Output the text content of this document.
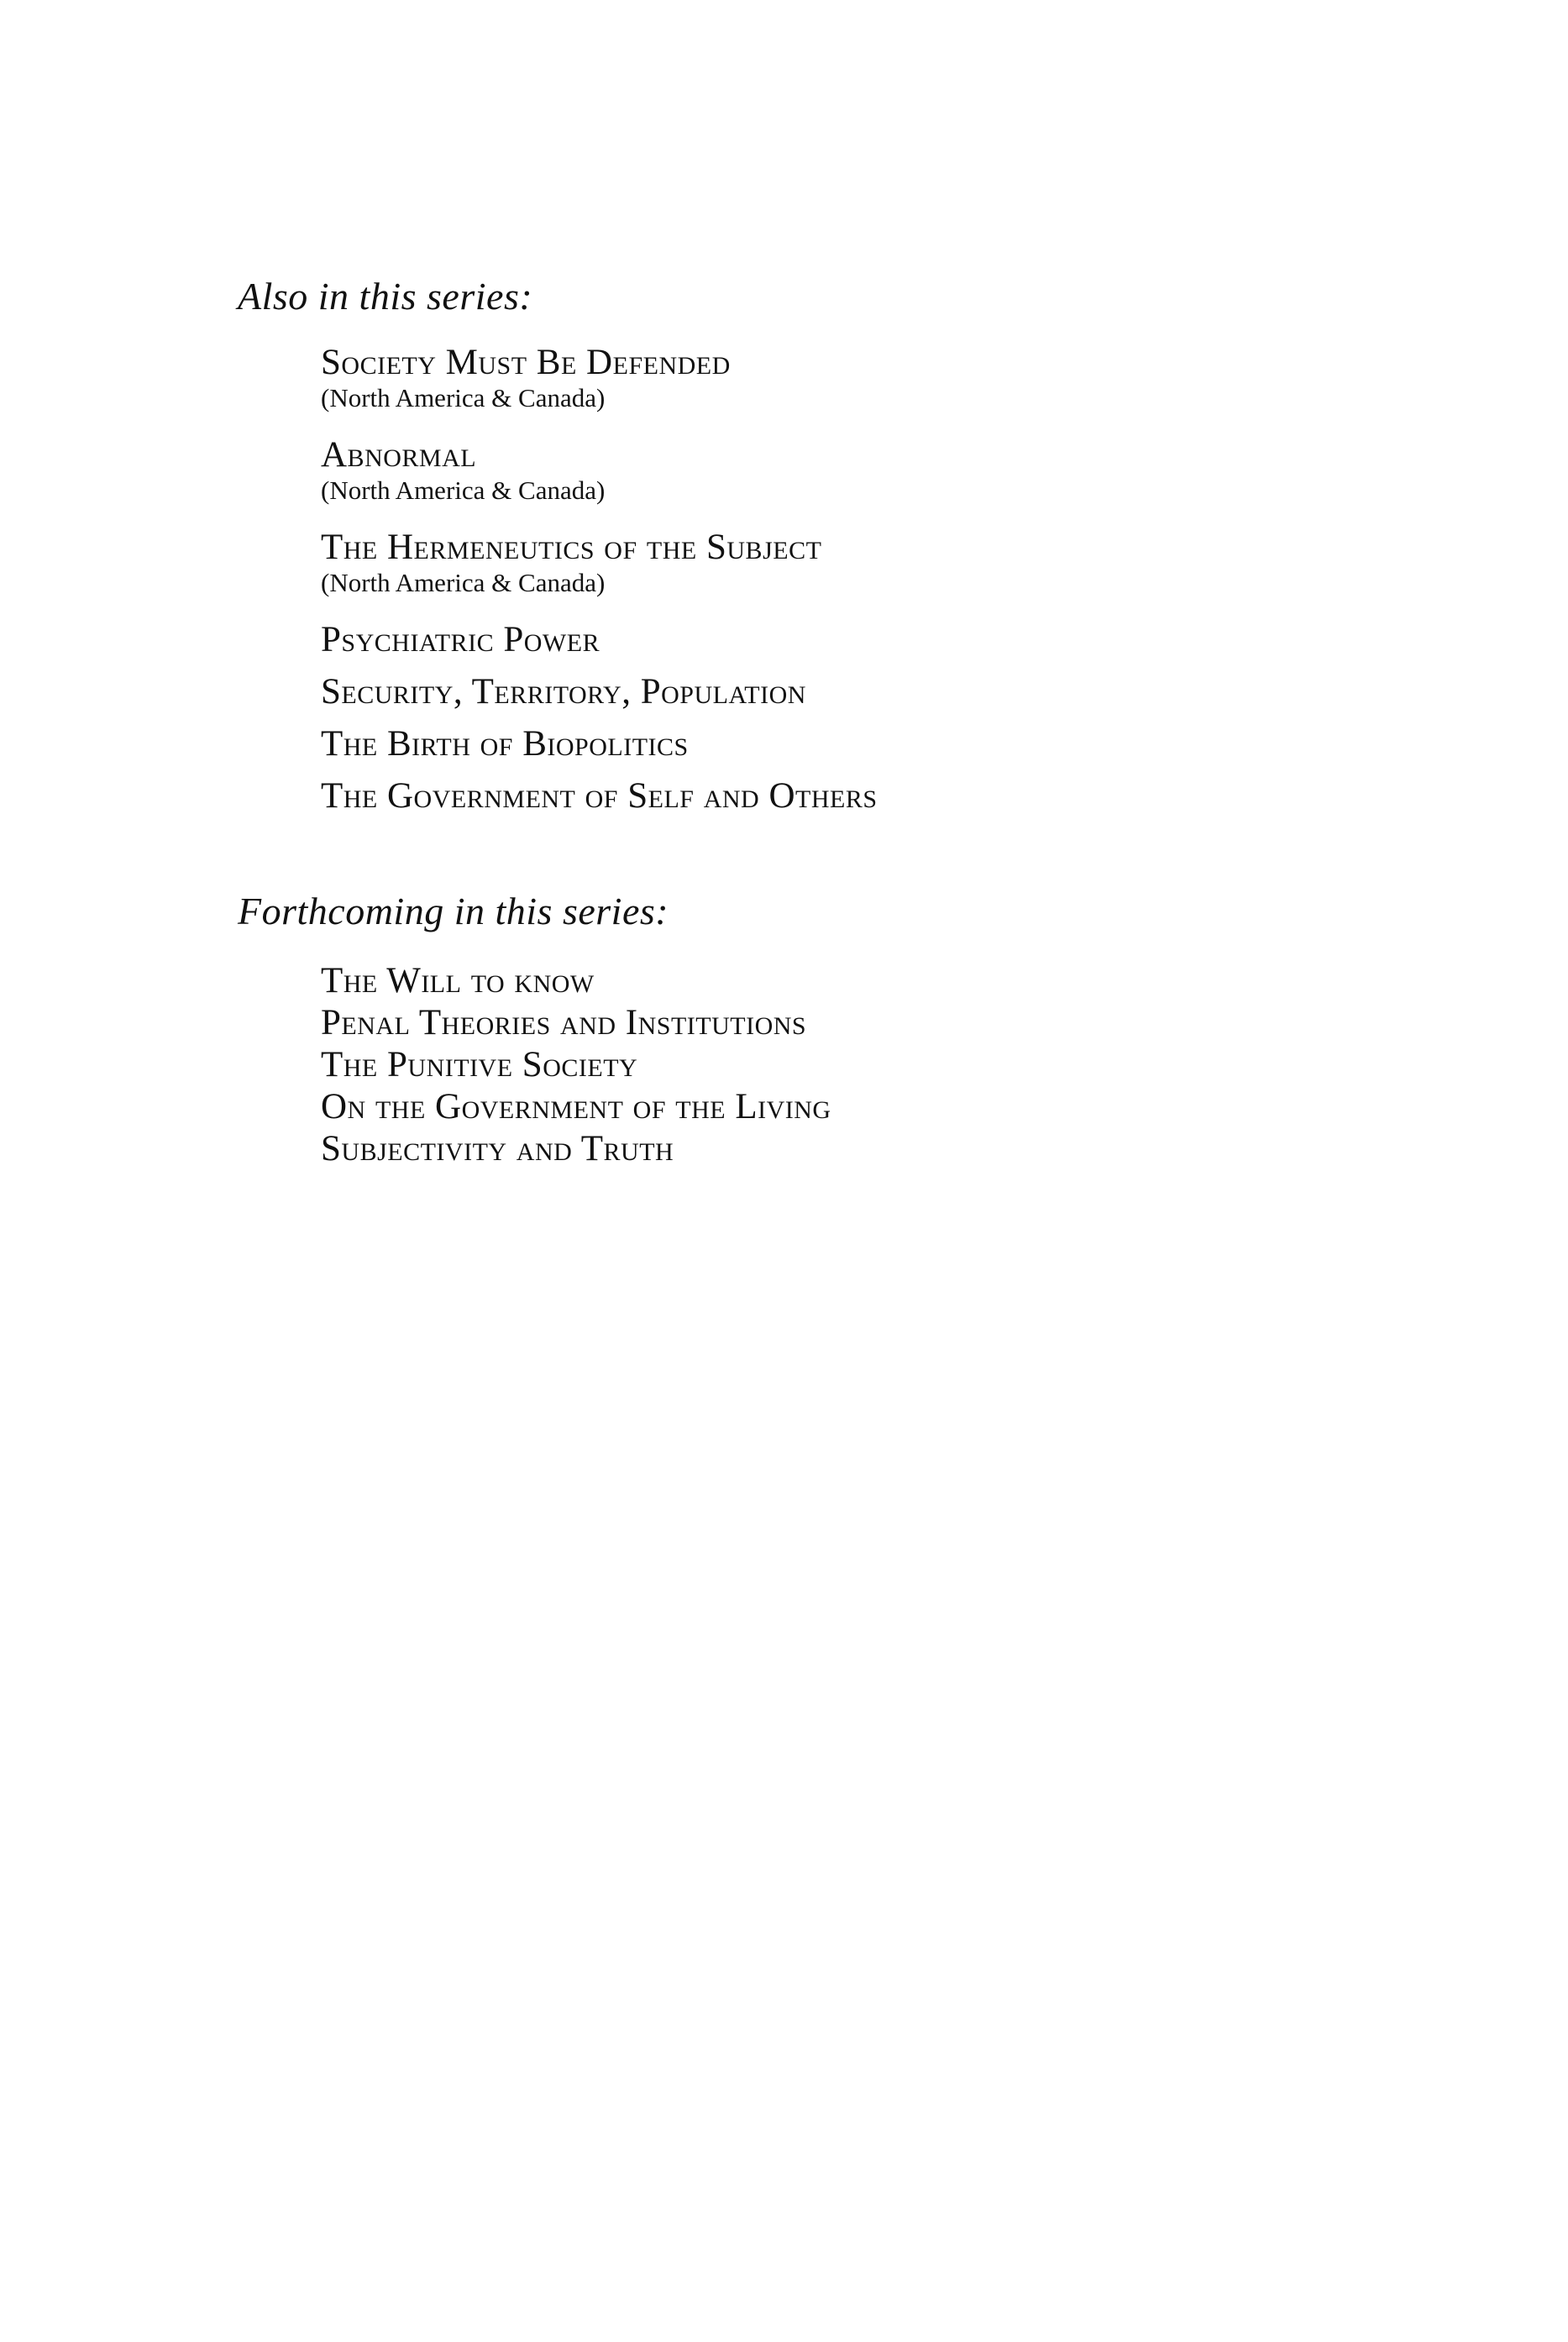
Also in this series:
Society Must Be Defended
(North America & Canada)
Abnormal
(North America & Canada)
The Hermeneutics of the Subject
(North America & Canada)
Psychiatric Power
Security, Territory, Population
The Birth of Biopolitics
The Government of Self and Others
Forthcoming in this series:
The Will to know
Penal Theories and Institutions
The Punitive Society
On the Government of the Living
Subjectivity and Truth
